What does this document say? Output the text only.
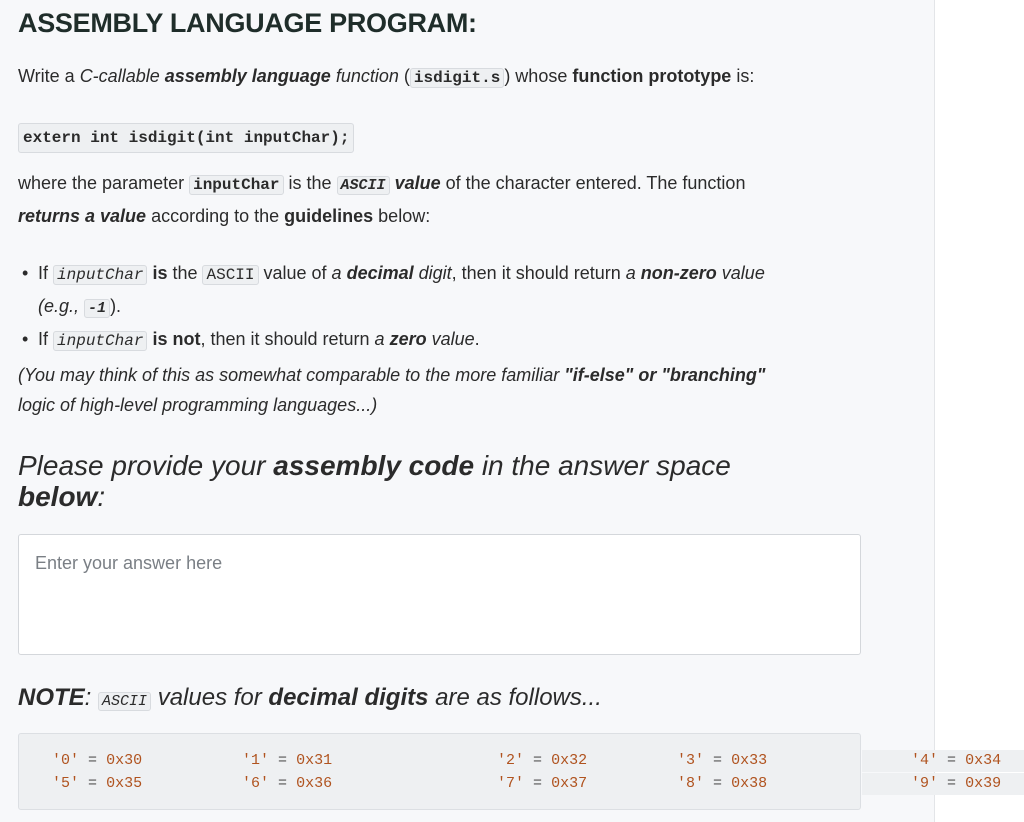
ASSEMBLY LANGUAGE PROGRAM:
Write a C-callable assembly language function ( isdigit.s ) whose function prototype is:
extern int isdigit(int inputChar);
where the parameter inputChar is the ASCII value of the character entered. The function
returns a value according to the guidelines below:
• If inputChar is the ASCII value of a decimal digit, then it should return a non-zero value
(e.g., -1 ).
• If inputChar is not, then it should return a zero value.
(You may think of this as somewhat comparable to the more familiar "if-else" or "branching"
logic of high-level programming languages...)
Please provide your assembly code in the answer space
below:
Enter your answer here
NOTE: ASCII values for decimal digits are as follows...
'0' = 0x30	'1' = 0x31	'2' = 0x32	'3' = 0x33	'4' = 0x34
'5' = 0x35	'6' = 0x36	'7' = 0x37	'8' = 0x38	'9' = 0x39
